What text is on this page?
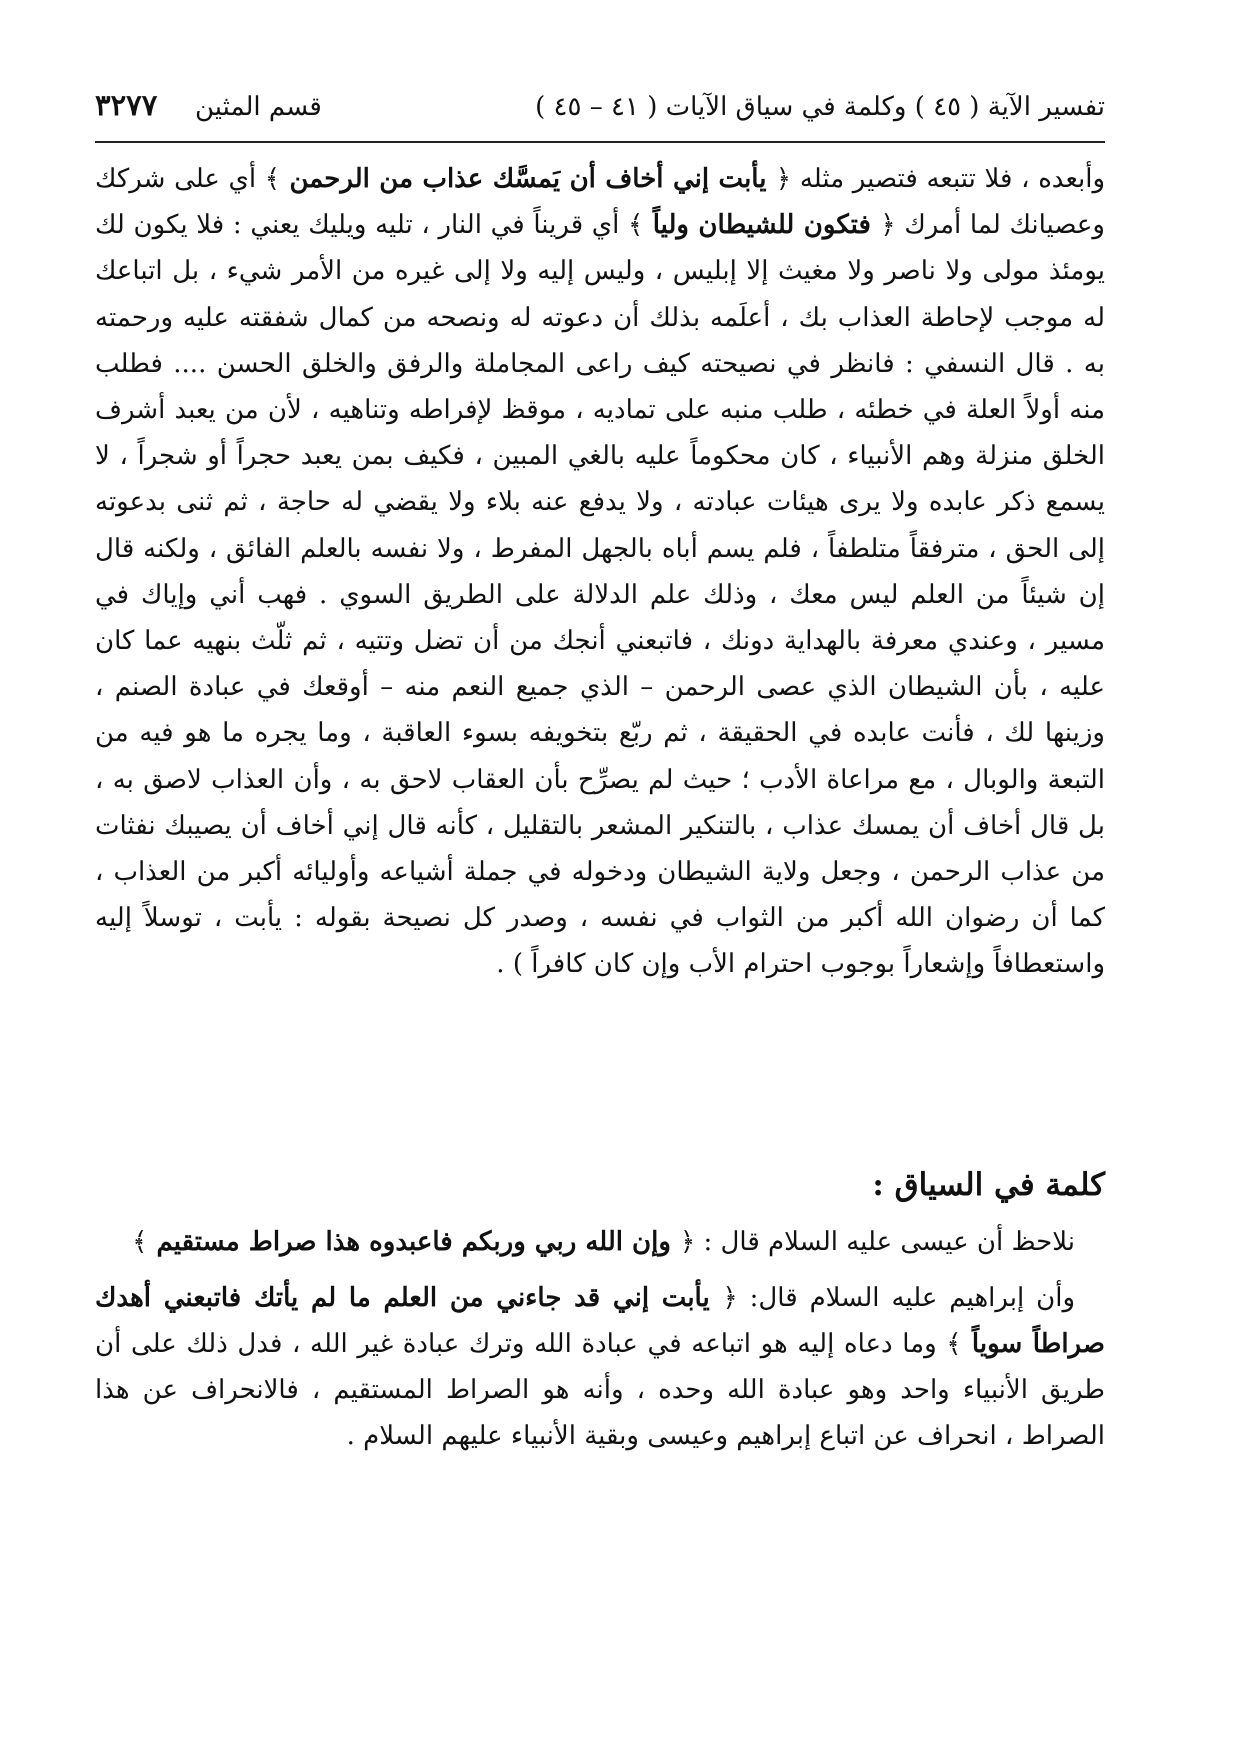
تفسير الآية ( ٤٥ ) وكلمة في سياق الآيات ( ٤١ – ٤٥ )
قسم المثين
٣٢٧٧

وأبعده ، فلا تتبعه فتصير مثله ﴿ يأبت إني أخاف أن يَمسَّك عذاب من الرحمن ﴾ أي على شركك وعصيانك لما أمرك ﴿ فتكون للشيطان ولياً ﴾ أي قريناً في النار ، تليه ويليك يعني : فلا يكون لك يومئذ مولى ولا ناصر ولا مغيث إلا إبليس ، وليس إليه ولا إلى غيره من الأمر شيء ، بل اتباعك له موجب لإحاطة العذاب بك ، أعلَمه بذلك أن دعوته له ونصحه من كمال شفقته عليه ورحمته به . قال النسفي : فانظر في نصيحته كيف راعى المجاملة والرفق والخلق الحسن .... فطلب منه أولاً العلة في خطئه ، طلب منبه على تماديه ، موقظ لإفراطه وتناهيه ، لأن من يعبد أشرف الخلق منزلة وهم الأنبياء ، كان محكوماً عليه بالغي المبين ، فكيف بمن يعبد حجراً أو شجراً ، لا يسمع ذكر عابده ولا يرى هيئات عبادته ، ولا يدفع عنه بلاء ولا يقضي له حاجة ، ثم ثنى بدعوته إلى الحق ، مترفقاً متلطفاً ، فلم يسم أباه بالجهل المفرط ، ولا نفسه بالعلم الفائق ، ولكنه قال إن شيئاً من العلم ليس معك ، وذلك علم الدلالة على الطريق السوي . فهب أني وإياك في مسير ، وعندي معرفة بالهداية دونك ، فاتبعني أنجك من أن تضل وتتيه ، ثم ثلّث بنهيه عما كان عليه ، بأن الشيطان الذي عصى الرحمن – الذي جميع النعم منه – أوقعك في عبادة الصنم ، وزينها لك ، فأنت عابده في الحقيقة ، ثم ربّع بتخويفه بسوء العاقبة ، وما يجره ما هو فيه من التبعة والوبال ، مع مراعاة الأدب ؛ حيث لم يصرِّح بأن العقاب لاحق به ، وأن العذاب لاصق به ، بل قال أخاف أن يمسك عذاب ، بالتنكير المشعر بالتقليل ، كأنه قال إني أخاف أن يصيبك نفثات من عذاب الرحمن ، وجعل ولاية الشيطان ودخوله في جملة أشياعه وأوليائه أكبر من العذاب ، كما أن رضوان الله أكبر من الثواب في نفسه ، وصدر كل نصيحة بقوله : يأبت ، توسلاً إليه واستعطافاً وإشعاراً بوجوب احترام الأب وإن كان كافراً ) .

كلمة في السياق :

نلاحظ أن عيسى عليه السلام قال : ﴿ وإن الله ربي وربكم فاعبدوه هذا صراط مستقيم ﴾

وأن إبراهيم عليه السلام قال: ﴿ يأبت إني قد جاءني من العلم ما لم يأتك فاتبعني أهدك صراطاً سوياً ﴾ وما دعاه إليه هو اتباعه في عبادة الله وترك عبادة غير الله ، فدل ذلك على أن طريق الأنبياء واحد وهو عبادة الله وحده ، وأنه هو الصراط المستقيم ، فالانحراف عن هذا الصراط ، انحراف عن اتباع إبراهيم وعيسى وبقية الأنبياء عليهم السلام .
